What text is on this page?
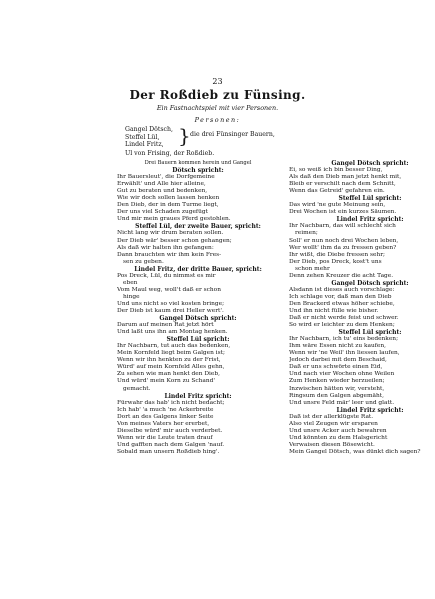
23
Der Roßdieb zu Fünsing.
Ein Fastnachtspiel mit vier Personen.
Personen:
Gangel Dötsch,
Steffel Lül,
Lindel Fritz, } die drei Fünsinger Bauern,
Ul von Frising, der Roßdieb.
Drei Bauern kommen herein und Gangel
Dötsch spricht:
Ihr Bauersleut', die Dorfgemeine
Erwählt' und Alle hier alleine,
Gut zu beraten und bedenken,
Wie wir doch sollen lassen henken
Den Dieb, der in dem Turme liegt,
Der uns viel Schaden zugefügt
Und mir mein graues Pferd gestohlen.
Steffel Lül, der zweite Bauer, spricht:
Nicht lang wir drum beraten sollen.
Der Dieb wär' besser schon gehangen;
Als daß wir halten ihn gefangen:
Dann brauchten wir ihm kein Fres-
sen zu geben.
Lindel Fritz, der dritte Bauer, spricht:
Pos Dreck, Lül, du nimmst es mir
eben
Vom Maul weg, woll't daß er schon
hinge
Und uns nicht so viel kosten bringe;
Der Dieb ist kaum drei Heller wert'.
Gangel Dötsch spricht:
Darum auf meinen Rat jetzt hört
Und laßt uns ihn am Montag henken.
Steffel Lül spricht:
Ihr Nachbarn, tut auch das bedenken,
Mein Kornfeld liegt beim Galgen ist;
Wenn wir ihn henkten zu der Frist,
Würd' auf mein Kornfeld Alles gehn,
Zu sehen wie man henkt den Dieb,
Und würd' mein Korn zu Schand'
gemacht.
Lindel Fritz spricht:
Fürwahr das hab' ich nicht bedacht;
Ich hab' 'a much 'ne Ackerbreite
Dort an des Galgens linker Seite
Von meines Vaters her ererbet,
Dieselbe würd' mir auch verderbet.
Wenn wir die Leute traten drauf
Und gafften nach dem Galgen 'nauf.
Sobald man unsern Roßdieb hing'.
Gangel Dötsch spricht:
Ei, so weiß ich bin besser Ding,
Als daß den Dieb man jetzt henkt mit,
Bleib er verschilt nach dem Schnitt,
Wenn das Getreid' gefahren ein.
Steffel Lül spricht:
Das wird 'ne gute Meinung sein,
Drei Wochen ist ein kurzes Säumen.
Lindel Fritz spricht:
Ihr Nachbarn, das will schlecht sich
reimen;
Soll' er nun noch drei Wochen leben,
Wer wollt' ihm da zu fressen geben?
Ihr wißt, die Diebe fressen sehr;
Der Dieb, pos Dreck, kost't uns
schon mehr
Denn zehen Kreuzer die acht Tage.
Gangel Dötsch spricht:
Alsdann ist dieses auch vorschlage:
Ich schlage vor, daß man den Dieb
Den Brackerd etwas höher schiebe,
Und ihn nicht fülle wie bisher.
Daß er nicht werde feist und schwer.
So wird er leichter zu dem Henken;
Steffel Lül spricht:
Ihr Nachbarn, ich tu' eins bedenken;
Ihm wäre Essen nicht zu kaufen,
Wenn wir 'ne Weil' ihn liessen laufen,
Jedoch darbei mit dem Beschaid,
Daß er uns schwörte einen Eid,
Und nach vier Wochen ohne Weilen
Zum Henken wieder herzueilen;
Inzwischen hätten wir, versteht,
Ringsum den Galgen abgemäht,
Und unsre Feld mär' leer und glatt.
Lindel Fritz spricht:
Daß ist der allerklügste Rat.
Also viel Zeugen wir ersparen
Und unsre Äcker auch bewahren
Und könnten zu dem Halsgericht
Verwaisen diesen Bösewicht.
Mein Gangel Dötsch, was dünkt dich sagen?
